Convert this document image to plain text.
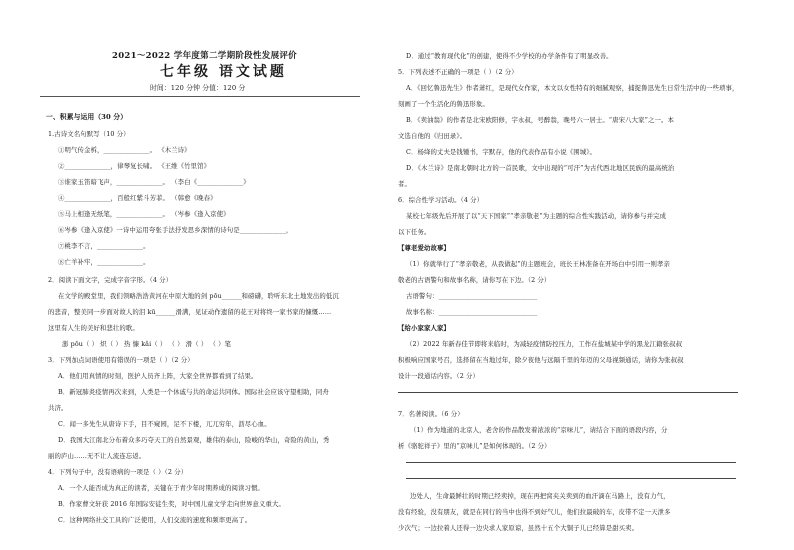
2021～2022 学年度第二学期阶段性发展评价
七年级 语文试题
时间：120 分钟 分值：120 分
一、积累与运用（30 分）
1.古诗文名句默写（10 分）
①明气传金柝，______________。 《木兰诗》
②______________，律琴复长啸。 《王维《竹里馆》
③谁家玉笛暗飞声，______________。 （李白《______________》
④______________，百般红紫斗芳菲。 （韩愈《晚春》
⑤马上相逢无纸笔，______________。 （岑参《逢入京使》
⑥岑参《逢入京使》一诗中运用夸张手法抒发思乡深情的诗句是______________，
⑦桃李不言，______________。
⑧亡羊补牢，______________。
2．阅读下面文字，完成字音字形。（4 分）
在文学的殿堂里，我们领略浩浩黄河在中原大地的剑 pōu______和磅礴，聆听东北土地发出的低沉
的悲音，整美同一步面对故人的泪 kū______滑满，见证动作遗留的花王对将终一家书家的慷慨……
这里有人生的美好和悲壮的歌。
澎 pōu（ ） 炽（ ） 热 慷 kǎi（ ） （ ） 滑（ ） （ ）笔
3．下列加点词语使用有错误的一项是（ ）（2 分）
A．他们用真情的时刻，医护人员齐上阵，大家全世界都看到了结果。
B．新冠肺炎疫情再次来到，人类是一个休戚与共的命运共同体。国际社会应该守望相助，同舟
共济。
C．闻一多先生从唐诗下手，目不窥园，足不下楼，兀兀穷年，沥尽心血。
D．我国大江南北分布着众多巧夺天工的自然景观，雄伟的泰山，险峻的华山，奇险的黄山，秀
丽的庐山……无不让人流连忘返。
4．下列句子中，没有语病的一项是（ ）（2 分）
A．一个人能否成为真正的读者，关键在于青少年时期养成的阅读习惯。
B．作家曹文轩获 2016 年国际安徒生奖，对中国儿童文学走向世界意义重大。
C．这种网络社交工具的广泛使用，人们交流的速度和频率更高了。
D．通过“教育现代化”的创建，使得不少学校的办学条件有了明显改善。
5．下列表述不正确的一项是（ ）（2 分）
A．《回忆鲁迅先生》作者萧红，是现代女作家，本文以女性特有的细腻观察，捕捉鲁迅先生日常生活中的一些琐事，
刻画了一个生活化的鲁迅形象。
B．《卖油翁》的作者是北宋欧阳修，字永叔，号醉翁，晚号六一居士。“唐宋八大家”之一。本
文选自他的《归田录》。
C．杨绛的丈夫是钱锺书，字默存，他的代表作品有小说《围城》。
D．《木兰诗》是南北朝时北方的一首民歌，文中出现的“可汗”为古代西北地区民族的最高统治
者。
6．综合性学习活动。（4 分）
某校七年级先后开展了以“天下国家”“孝亲敬老”为主题的综合性实践活动，请你参与并完成
以下任务。
【尊老爱幼故事】
（1）你就举行了“孝亲敬老，从我做起”的主题班会，班长王林准备在开场白中引用一则孝亲
敬老的古语警句和故事名称，请你写在下边。（2 分）
古语警句：______________________________
故事名称：______________________________
【给小家家人家】
（2）2022 年新春佳节即将来临时，为减轻疫情防控压力，工作在盐城某中学的黑龙江籍张叔叔
积极响应国家号召，选择留在当地过年，除夕夜他与远隔千里的年迈的父母视频通话，请你为张叔叔
设计一段通话内容。（2 分）
7．名著阅读。（6 分）
（1）作为地道的北京人，老舍的作品散发着浓浓的“京味儿”，请结合下面的语段内容，分
析《骆驼祥子》里的“京味儿”是如何体现的。（2 分）
边处人，生命最鲜壮的时期已经卖掉，现在再把窝夹关卖到的血汗滴在马路上，没有力气，
没有经验，没有朋友，就是在同行的当中也得不到好气儿，他们拉最破的车，皮带不定一天泄多
少次气；一边拉着人还得一边央求人家原谅，虽然十五个大铜子儿已经算是甜买卖。
